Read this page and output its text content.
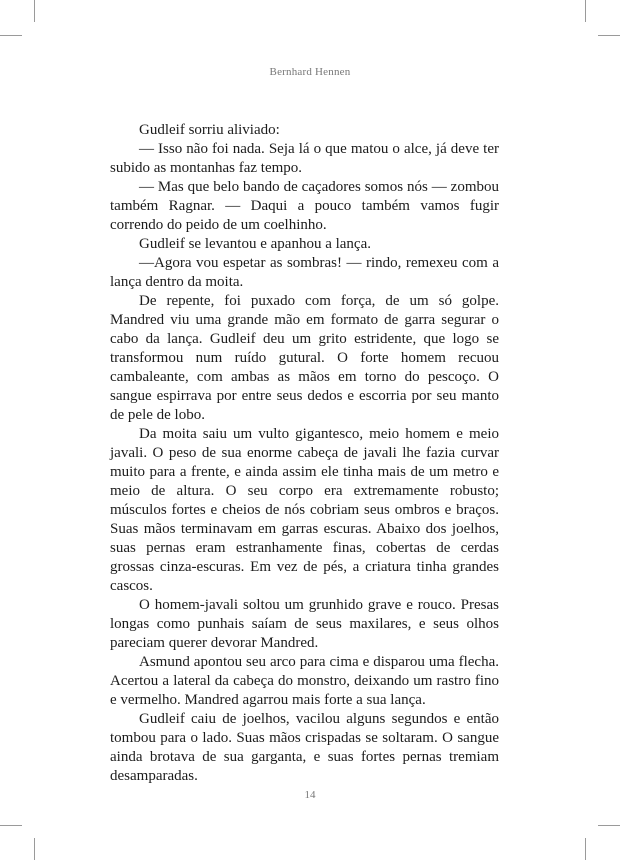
Bernhard Hennen

Gudleif sorriu aliviado:

— Isso não foi nada. Seja lá o que matou o alce, já deve ter subido as montanhas faz tempo.

— Mas que belo bando de caçadores somos nós — zombou também Ragnar. — Daqui a pouco também vamos fugir correndo do peido de um coelhinho.

Gudleif se levantou e apanhou a lança.

—Agora vou espetar as sombras! — rindo, remexeu com a lança dentro da moita.

De repente, foi puxado com força, de um só golpe. Mandred viu uma grande mão em formato de garra segurar o cabo da lança. Gudleif deu um grito estridente, que logo se transformou num ruído gutural. O forte homem recuou cambaleante, com ambas as mãos em torno do pescoço. O sangue espirrava por entre seus dedos e escorria por seu manto de pele de lobo.

Da moita saiu um vulto gigantesco, meio homem e meio javali. O peso de sua enorme cabeça de javali lhe fazia curvar muito para a frente, e ainda assim ele tinha mais de um metro e meio de altura. O seu corpo era extremamente robusto; músculos fortes e cheios de nós cobriam seus ombros e braços. Suas mãos terminavam em garras escuras. Abaixo dos joelhos, suas pernas eram estranhamente finas, cobertas de cerdas grossas cinza-escuras. Em vez de pés, a criatura tinha grandes cascos.

O homem-javali soltou um grunhido grave e rouco. Presas longas como punhais saíam de seus maxilares, e seus olhos pareciam querer devorar Mandred.

Asmund apontou seu arco para cima e disparou uma flecha. Acertou a lateral da cabeça do monstro, deixando um rastro fino e vermelho. Mandred agarrou mais forte a sua lança.

Gudleif caiu de joelhos, vacilou alguns segundos e então tombou para o lado. Suas mãos crispadas se soltaram. O sangue ainda brotava de sua garganta, e suas fortes pernas tremiam desamparadas.

14
